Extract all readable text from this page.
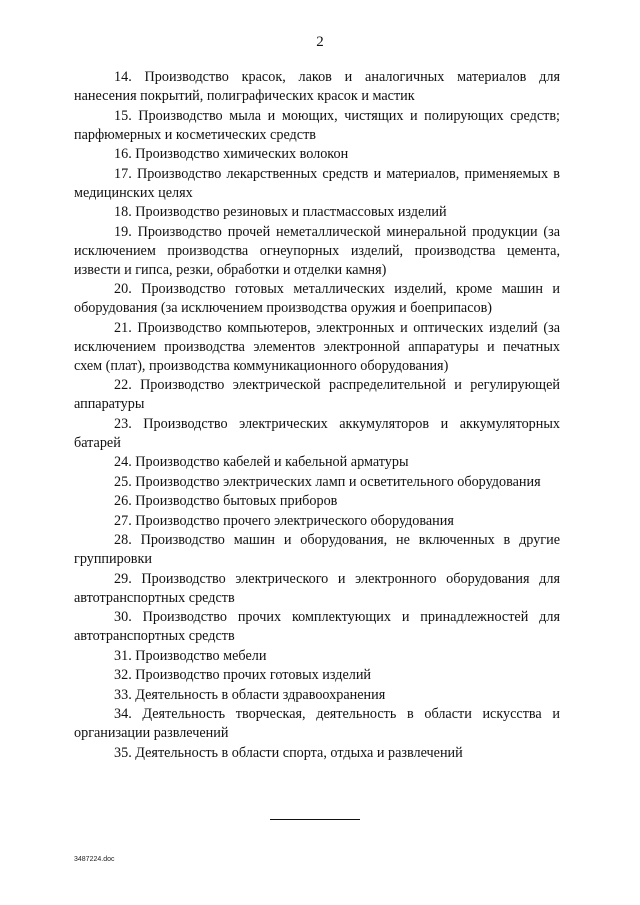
2

14. Производство красок, лаков и аналогичных материалов для нанесения покрытий, полиграфических красок и мастик

15. Производство мыла и моющих, чистящих и полирующих средств; парфюмерных и косметических средств

16. Производство химических волокон

17. Производство лекарственных средств и материалов, применяемых в медицинских целях

18. Производство резиновых и пластмассовых изделий

19. Производство прочей неметаллической минеральной продукции (за исключением производства огнеупорных изделий, производства цемента, извести и гипса, резки, обработки и отделки камня)

20. Производство готовых металлических изделий, кроме машин и оборудования (за исключением производства оружия и боеприпасов)

21. Производство компьютеров, электронных и оптических изделий (за исключением производства элементов электронной аппаратуры и печатных схем (плат), производства коммуникационного оборудования)

22. Производство электрической распределительной и регулирующей аппаратуры

23. Производство электрических аккумуляторов и аккумуляторных батарей

24. Производство кабелей и кабельной арматуры

25. Производство электрических ламп и осветительного оборудования

26. Производство бытовых приборов

27. Производство прочего электрического оборудования

28. Производство машин и оборудования, не включенных в другие группировки

29. Производство электрического и электронного оборудования для автотранспортных средств

30. Производство прочих комплектующих и принадлежностей для автотранспортных средств

31. Производство мебели

32. Производство прочих готовых изделий

33. Деятельность в области здравоохранения

34. Деятельность творческая, деятельность в области искусства и организации развлечений

35. Деятельность в области спорта, отдыха и развлечений

3487224.doc
